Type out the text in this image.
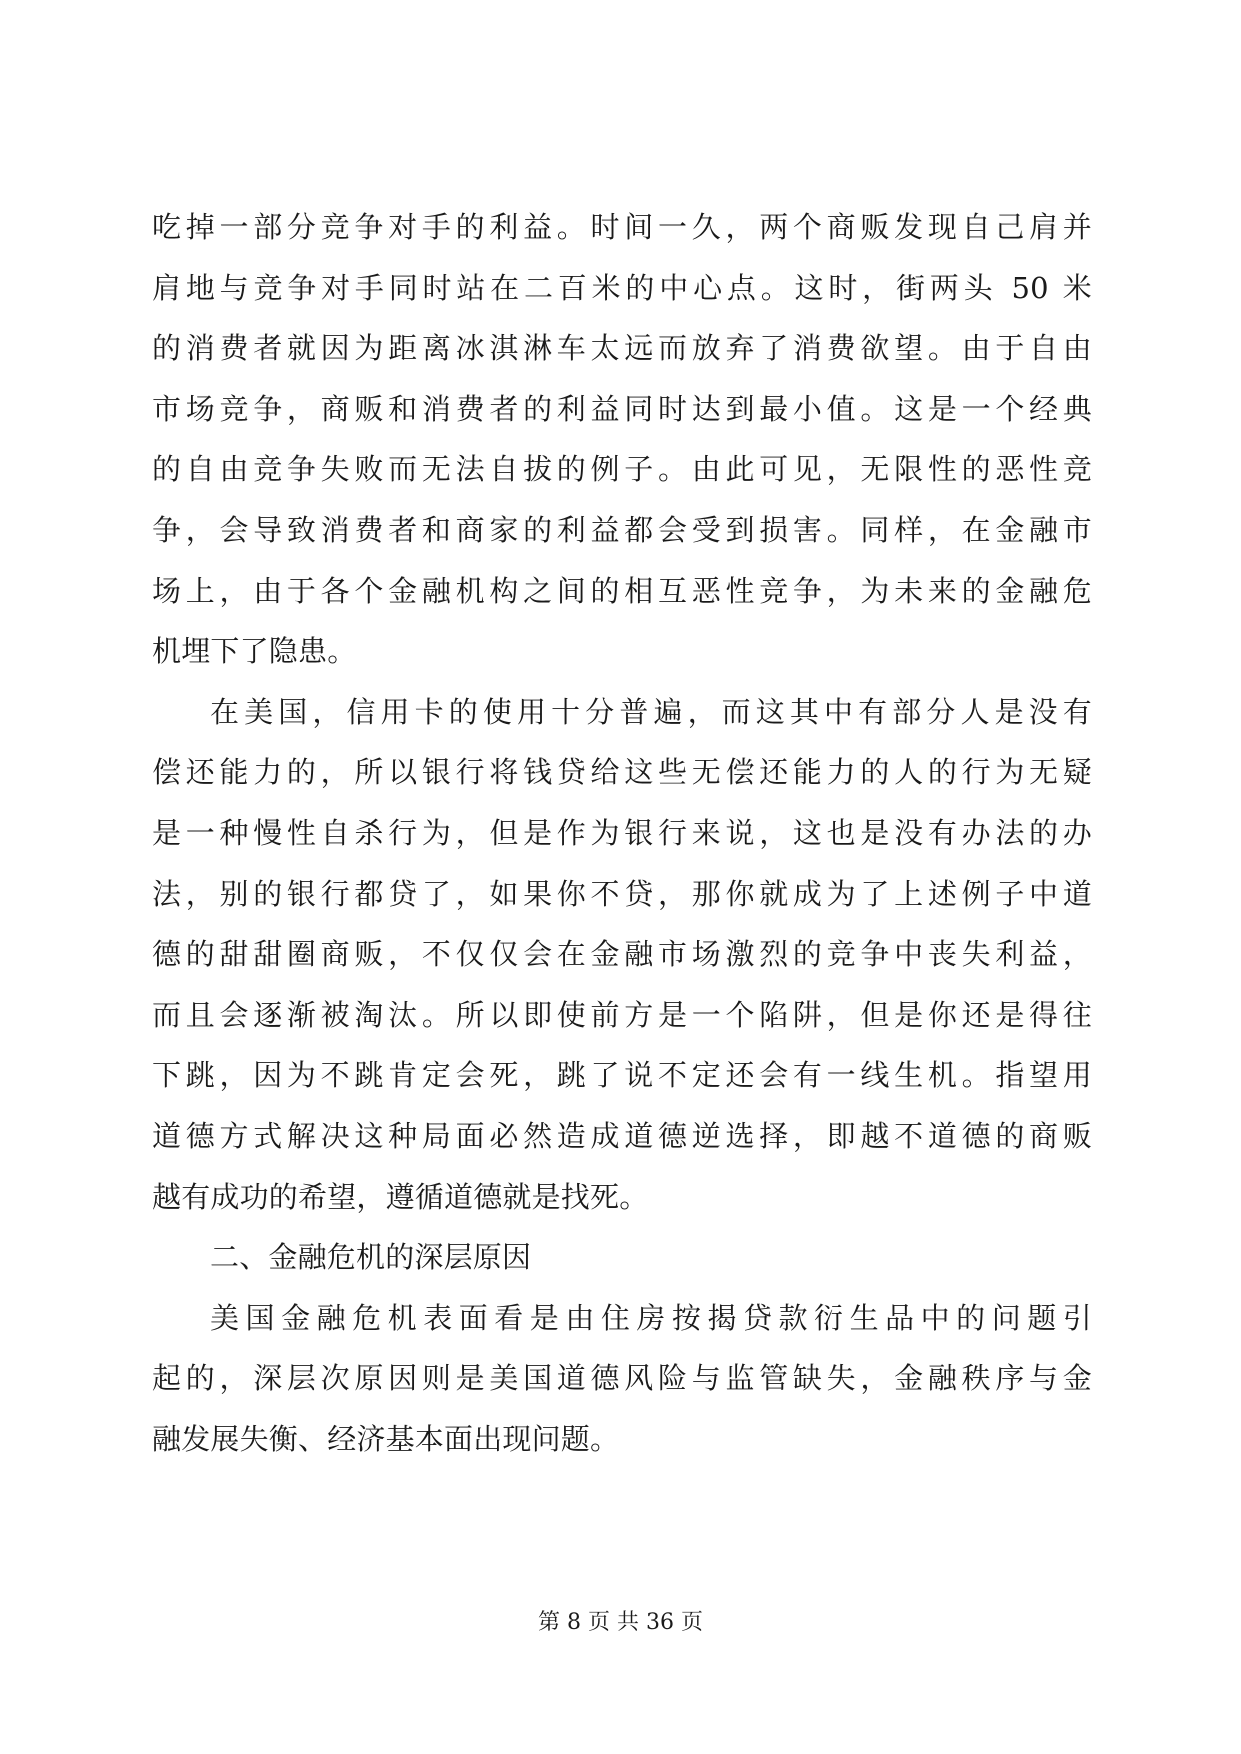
吃掉一部分竞争对手的利益。时间一久，两个商贩发现自己肩并
肩地与竞争对手同时站在二百米的中心点。这时，街两头 50 米
的消费者就因为距离冰淇淋车太远而放弃了消费欲望。由于自由
市场竞争，商贩和消费者的利益同时达到最小值。这是一个经典
的自由竞争失败而无法自拔的例子。由此可见，无限性的恶性竞
争，会导致消费者和商家的利益都会受到损害。同样，在金融市
场上，由于各个金融机构之间的相互恶性竞争，为未来的金融危
机埋下了隐患。
在美国，信用卡的使用十分普遍，而这其中有部分人是没有
偿还能力的，所以银行将钱贷给这些无偿还能力的人的行为无疑
是一种慢性自杀行为，但是作为银行来说，这也是没有办法的办
法，别的银行都贷了，如果你不贷，那你就成为了上述例子中道
德的甜甜圈商贩，不仅仅会在金融市场激烈的竞争中丧失利益，
而且会逐渐被淘汰。所以即使前方是一个陷阱，但是你还是得往
下跳，因为不跳肯定会死，跳了说不定还会有一线生机。指望用
道德方式解决这种局面必然造成道德逆选择，即越不道德的商贩
越有成功的希望，遵循道德就是找死。
二、金融危机的深层原因
美国金融危机表面看是由住房按揭贷款衍生品中的问题引
起的，深层次原因则是美国道德风险与监管缺失，金融秩序与金
融发展失衡、经济基本面出现问题。
第 8 页 共 36 页
